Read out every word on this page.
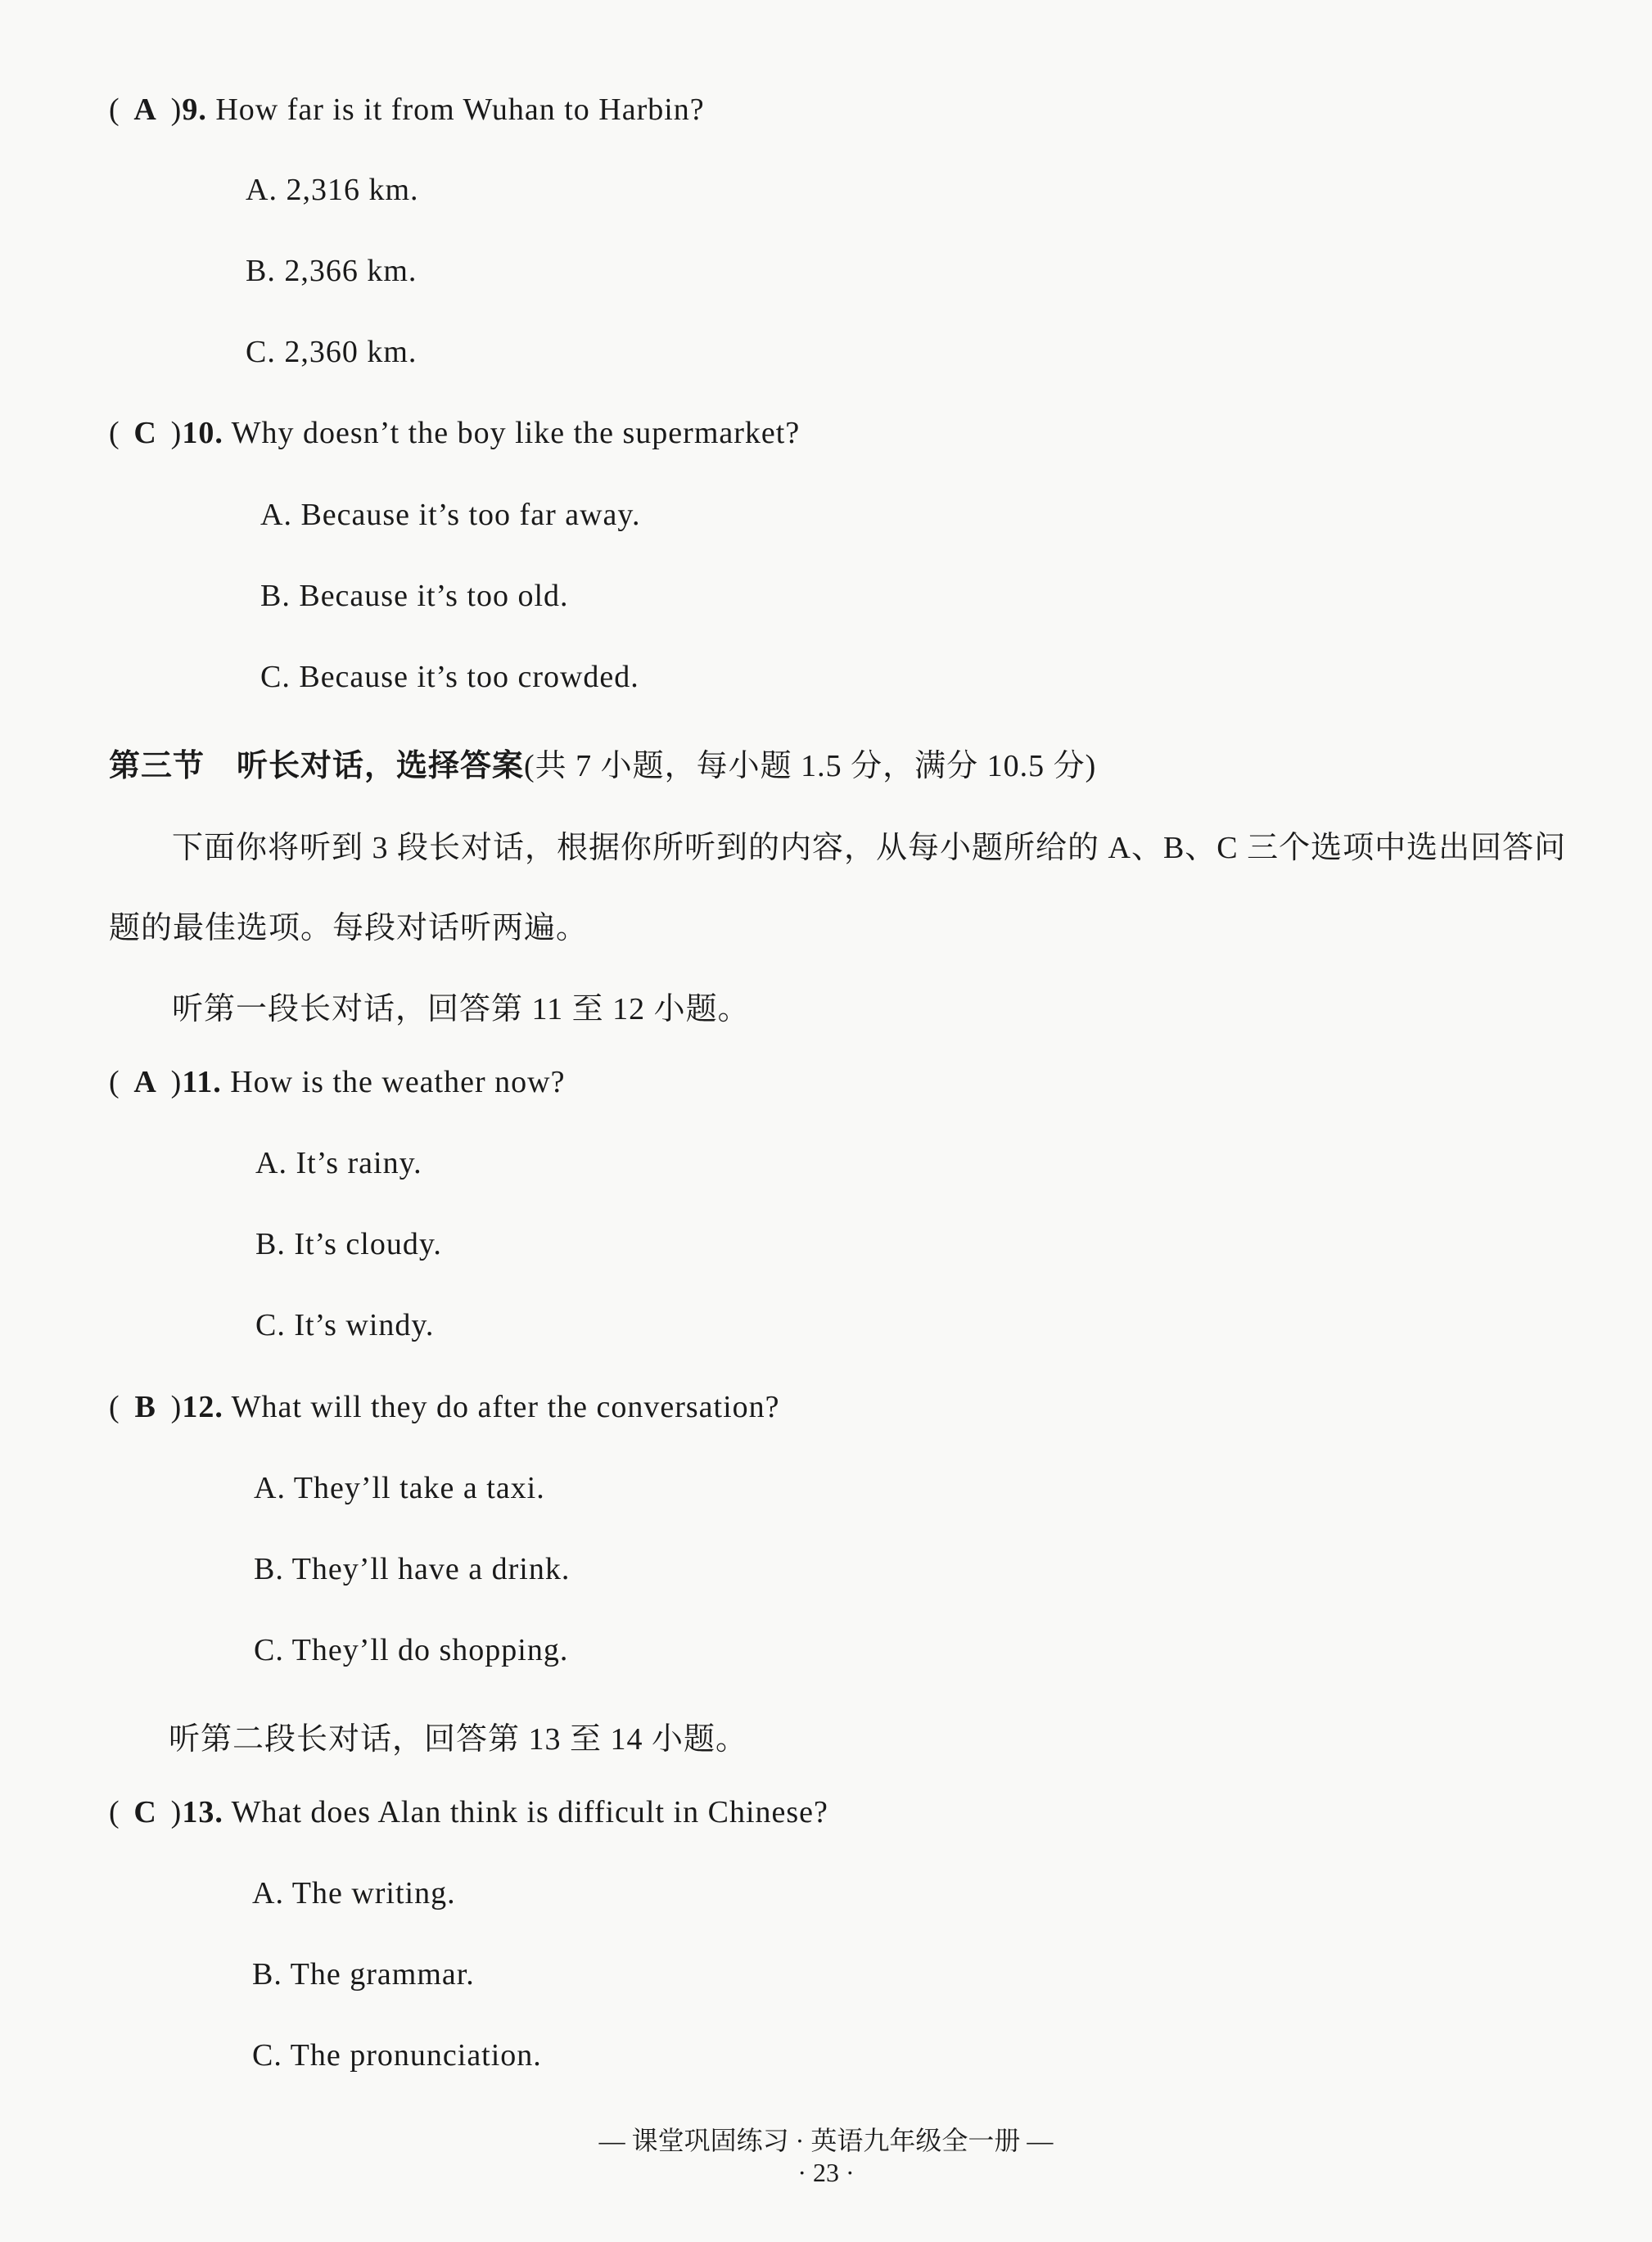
( A )9. How far is it from Wuhan to Harbin?
A. 2,316 km.
B. 2,366 km.
C. 2,360 km.
( C )10. Why doesn’t the boy like the supermarket?
A. Because it’s too far away.
B. Because it’s too old.
C. Because it’s too crowded.
第三节　听长对话，选择答案(共 7 小题，每小题 1.5 分，满分 10.5 分)
下面你将听到 3 段长对话，根据你所听到的内容，从每小题所给的 A、B、C 三个选项中选出回答问
题的最佳选项。每段对话听两遍。
听第一段长对话，回答第 11 至 12 小题。
( A )11. How is the weather now?
A. It’s rainy.
B. It’s cloudy.
C. It’s windy.
( B )12. What will they do after the conversation?
A. They’ll take a taxi.
B. They’ll have a drink.
C. They’ll do shopping.
听第二段长对话，回答第 13 至 14 小题。
( C )13. What does Alan think is difficult in Chinese?
A. The writing.
B. The grammar.
C. The pronunciation.
— 课堂巩固练习 · 英语九年级全一册 —
· 23 ·
